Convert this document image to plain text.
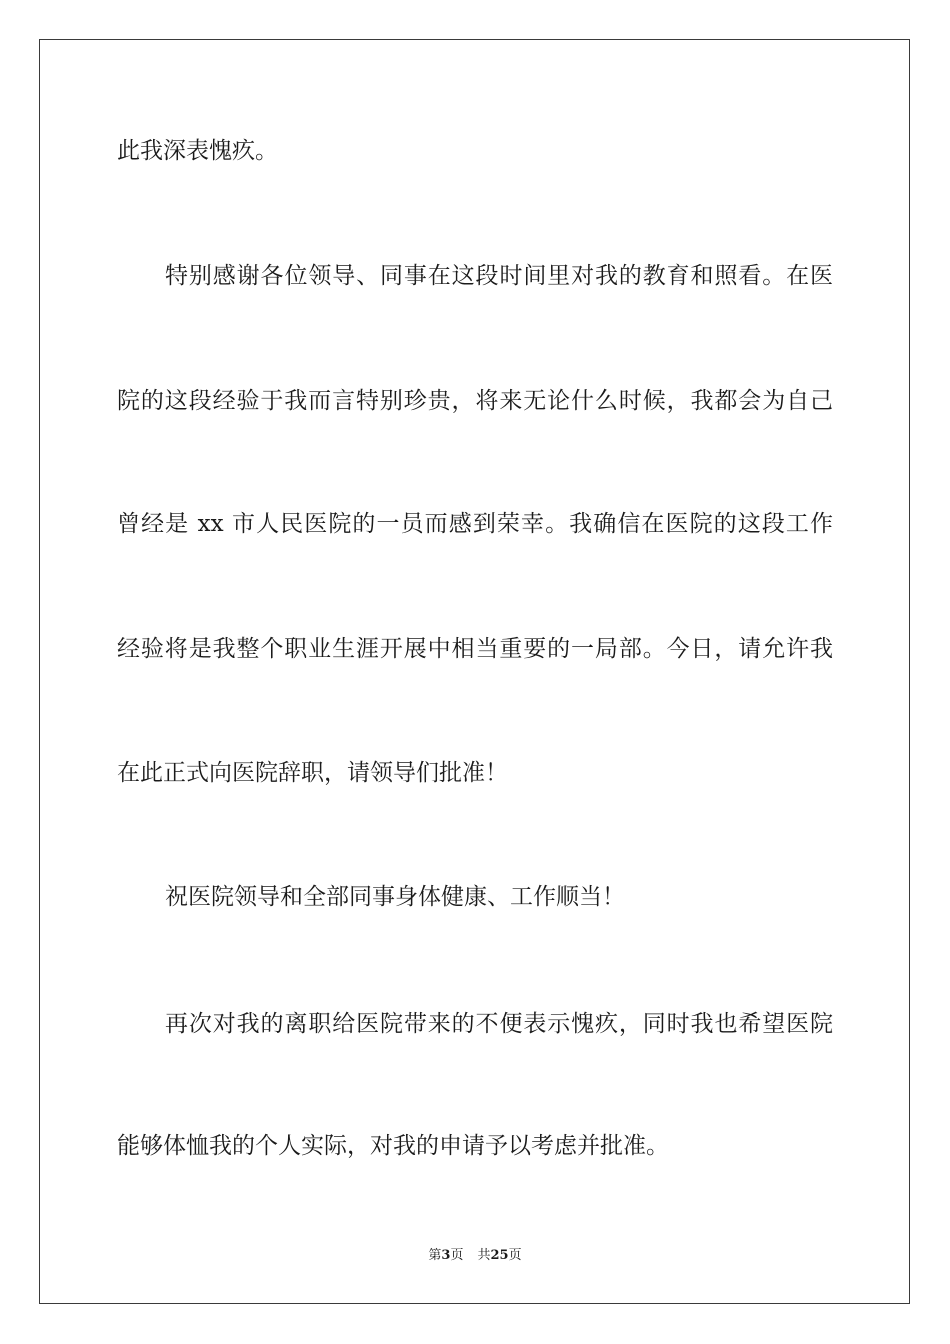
此我深表愧疚。
特别感谢各位领导、同事在这段时间里对我的教育和照看。在医
院的这段经验于我而言特别珍贵，将来无论什么时候，我都会为自己
曾经是 xx 市人民医院的一员而感到荣幸。我确信在医院的这段工作
经验将是我整个职业生涯开展中相当重要的一局部。今日，请允许我
在此正式向医院辞职，请领导们批准！
祝医院领导和全部同事身体健康、工作顺当！
再次对我的离职给医院带来的不便表示愧疚，同时我也希望医院
能够体恤我的个人实际，对我的申请予以考虑并批准。
第3页 共25页
